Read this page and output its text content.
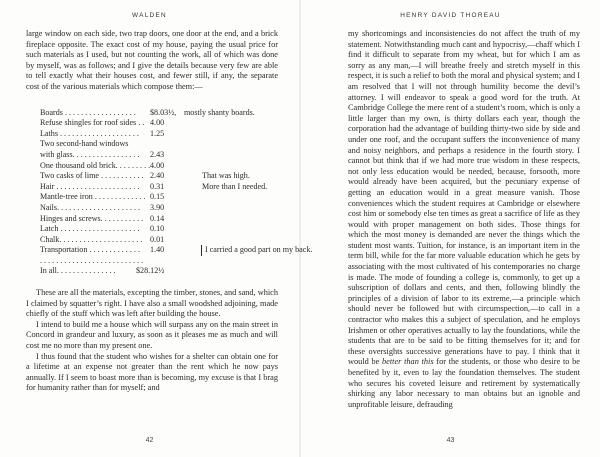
WALDEN

large window on each side, two trap doors, one door at the end, and a brick fireplace opposite. The exact cost of my house, paying the usual price for such materials as I used, but not counting the work, all of which was done by myself, was as follows; and I give the details because very few are able to tell exactly what their houses cost, and fewer still, if any, the separate cost of the various materials which compose them:—

Boards . . . . . . . . . . . . . . . . . . $8.03½, mostly shanty boards.
Refuse shingles for roof sides . . 4.00
Laths . . . . . . . . . . . . . . . . . . . . 1.25
Two second-hand windows
with glass. . . . . . . . . . . . . . . . . 2.43
One thousand old brick. . . . . . . . . 4.00
Two casks of lime . . . . . . . . . . . 2.40	That was high.
Hair . . . . . . . . . . . . . . . . . . . . . 0.31	More than I needed.
Mantle-tree iron . . . . . . . . . . . . . 0.15
Nails. . . . . . . . . . . . . . . . . . . . . 3.90
Hinges and screws. . . . . . . . . . . 0.14
Latch . . . . . . . . . . . . . . . . . . . . 0.10
Chalk. . . . . . . . . . . . . . . . . . . . . 0.01
Transportation . . . . . . . . . . . . . 1.40	I carried a good part on my back.
. . . . . . . . . . . . . . . . . . . . . . . . . .
In all. . . . . . . . . . . . . . .	$28.12½

These are all the materials, excepting the timber, stones, and sand, which I claimed by squatter’s right. I have also a small woodshed adjoining, made chiefly of the stuff which was left after building the house.

I intend to build me a house which will surpass any on the main street in Concord in grandeur and luxury, as soon as it pleases me as much and will cost me no more than my present one.

I thus found that the student who wishes for a shelter can obtain one for a lifetime at an expense not greater than the rent which he now pays annually. If I seem to boast more than is becoming, my excuse is that I brag for humanity rather than for myself; and

42
HENRY DAVID THOREAU

my shortcomings and inconsistencies do not affect the truth of my statement. Notwithstanding much cant and hypocrisy,—chaff which I find it difficult to separate from my wheat, but for which I am as sorry as any man,—I will breathe freely and stretch myself in this respect, it is such a relief to both the moral and physical system; and I am resolved that I will not through humility become the devil’s attorney. I will endeavor to speak a good word for the truth. At Cambridge College the mere rent of a student’s room, which is only a little larger than my own, is thirty dollars each year, though the corporation had the advantage of building thirty-two side by side and under one roof, and the occupant suffers the inconvenience of many and noisy neighbors, and perhaps a residence in the fourth story. I cannot but think that if we had more true wisdom in these respects, not only less education would be needed, because, forsooth, more would already have been acquired, but the pecuniary expense of getting an education would in a great measure vanish. Those conveniences which the student requires at Cambridge or elsewhere cost him or somebody else ten times as great a sacrifice of life as they would with proper management on both sides. Those things for which the most money is demanded are never the things which the student most wants. Tuition, for instance, is an important item in the term bill, while for the far more valuable education which he gets by associating with the most cultivated of his contemporaries no charge is made. The mode of founding a college is, commonly, to get up a subscription of dollars and cents, and then, following blindly the principles of a division of labor to its extreme,—a principle which should never be followed but with circumspection,—to call in a contractor who makes this a subject of speculation, and he employs Irishmen or other operatives actually to lay the foundations, while the students that are to be said to be fitting themselves for it; and for these oversights successive generations have to pay. I think that it would be better than this for the students, or those who desire to be benefited by it, even to lay the foundation themselves. The student who secures his coveted leisure and retirement by systematically shirking any labor necessary to man obtains but an ignoble and unprofitable leisure, defrauding

43
